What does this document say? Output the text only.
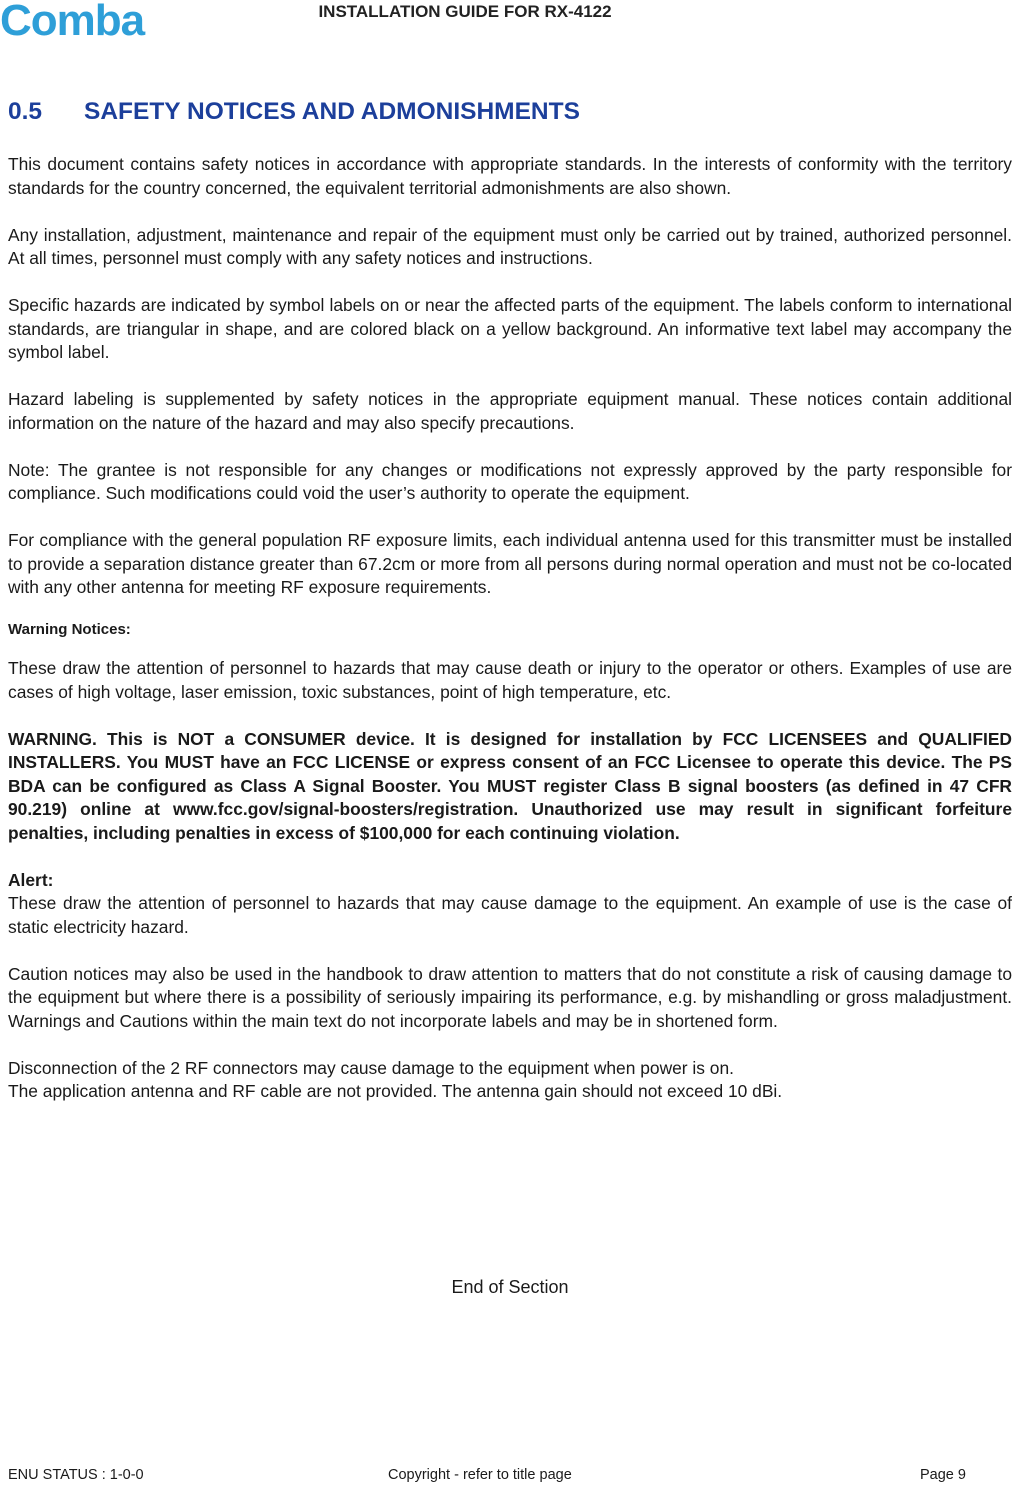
Comba	INSTALLATION GUIDE FOR RX-4122
0.5 SAFETY NOTICES AND ADMONISHMENTS

This document contains safety notices in accordance with appropriate standards. In the interests of conformity with the territory standards for the country concerned, the equivalent territorial admonishments are also shown.

Any installation, adjustment, maintenance and repair of the equipment must only be carried out by trained, authorized personnel. At all times, personnel must comply with any safety notices and instructions.

Specific hazards are indicated by symbol labels on or near the affected parts of the equipment. The labels conform to international standards, are triangular in shape, and are colored black on a yellow background. An informative text label may accompany the symbol label.

Hazard labeling is supplemented by safety notices in the appropriate equipment manual. These notices contain additional information on the nature of the hazard and may also specify precautions.

Note: The grantee is not responsible for any changes or modifications not expressly approved by the party responsible for compliance. Such modifications could void the user’s authority to operate the equipment.

For compliance with the general population RF exposure limits, each individual antenna used for this transmitter must be installed to provide a separation distance greater than 67.2cm or more from all persons during normal operation and must not be co-located with any other antenna for meeting RF exposure requirements.

Warning Notices:

These draw the attention of personnel to hazards that may cause death or injury to the operator or others. Examples of use are cases of high voltage, laser emission, toxic substances, point of high temperature, etc.

WARNING. This is NOT a CONSUMER device. It is designed for installation by FCC LICENSEES and QUALIFIED INSTALLERS. You MUST have an FCC LICENSE or express consent of an FCC Licensee to operate this device. The PS BDA can be configured as Class A Signal Booster. You MUST register Class B signal boosters (as defined in 47 CFR 90.219) online at www.fcc.gov/signal-boosters/registration. Unauthorized use may result in significant forfeiture penalties, including penalties in excess of $100,000 for each continuing violation.

Alert:

These draw the attention of personnel to hazards that may cause damage to the equipment. An example of use is the case of static electricity hazard.

Caution notices may also be used in the handbook to draw attention to matters that do not constitute a risk of causing damage to the equipment but where there is a possibility of seriously impairing its performance, e.g. by mishandling or gross maladjustment. Warnings and Cautions within the main text do not incorporate labels and may be in shortened form.

Disconnection of the 2 RF connectors may cause damage to the equipment when power is on.

The application antenna and RF cable are not provided. The antenna gain should not exceed 10 dBi.

End of Section
ENU STATUS : 1-0-0	Copyright - refer to title page	Page 9
